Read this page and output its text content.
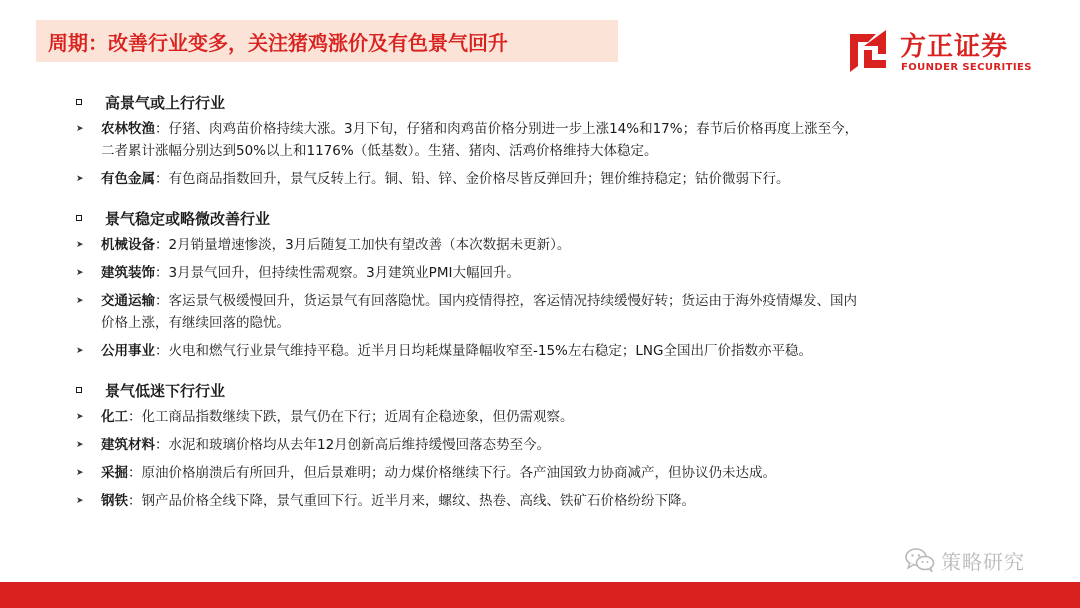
周期：改善行业变多，关注猪鸡涨价及有色景气回升	方正证券
FOUNDER SECURITIES
高景气或上行行业
➤ 农林牧渔：仔猪、肉鸡苗价格持续大涨。3月下旬，仔猪和肉鸡苗价格分别进一步上涨14%和17%；春节后价格再度上涨至今，
二者累计涨幅分别达到50%以上和1176%（低基数）。生猪、猪肉、活鸡价格维持大体稳定。
➤ 有色金属：有色商品指数回升，景气反转上行。铜、铅、锌、金价格尽皆反弹回升；锂价维持稳定；钴价微弱下行。
景气稳定或略微改善行业
➤ 机械设备：2月销量增速惨淡，3月后随复工加快有望改善（本次数据未更新）。
➤ 建筑装饰：3月景气回升，但持续性需观察。3月建筑业PMI大幅回升。
➤ 交通运输：客运景气极缓慢回升，货运景气有回落隐忧。国内疫情得控，客运情况持续缓慢好转；货运由于海外疫情爆发、国内
价格上涨，有继续回落的隐忧。
➤ 公用事业：火电和燃气行业景气维持平稳。近半月日均耗煤量降幅收窄至-15%左右稳定；LNG全国出厂价指数亦平稳。
景气低迷下行行业
➤ 化工：化工商品指数继续下跌，景气仍在下行；近周有企稳迹象，但仍需观察。
➤ 建筑材料：水泥和玻璃价格均从去年12月创新高后维持缓慢回落态势至今。
➤ 采掘：原油价格崩溃后有所回升，但后景难明；动力煤价格继续下行。各产油国致力协商减产，但协议仍未达成。
➤ 钢铁：钢产品价格全线下降，景气重回下行。近半月来，螺纹、热卷、高线、铁矿石价格纷纷下降。
策略研究
